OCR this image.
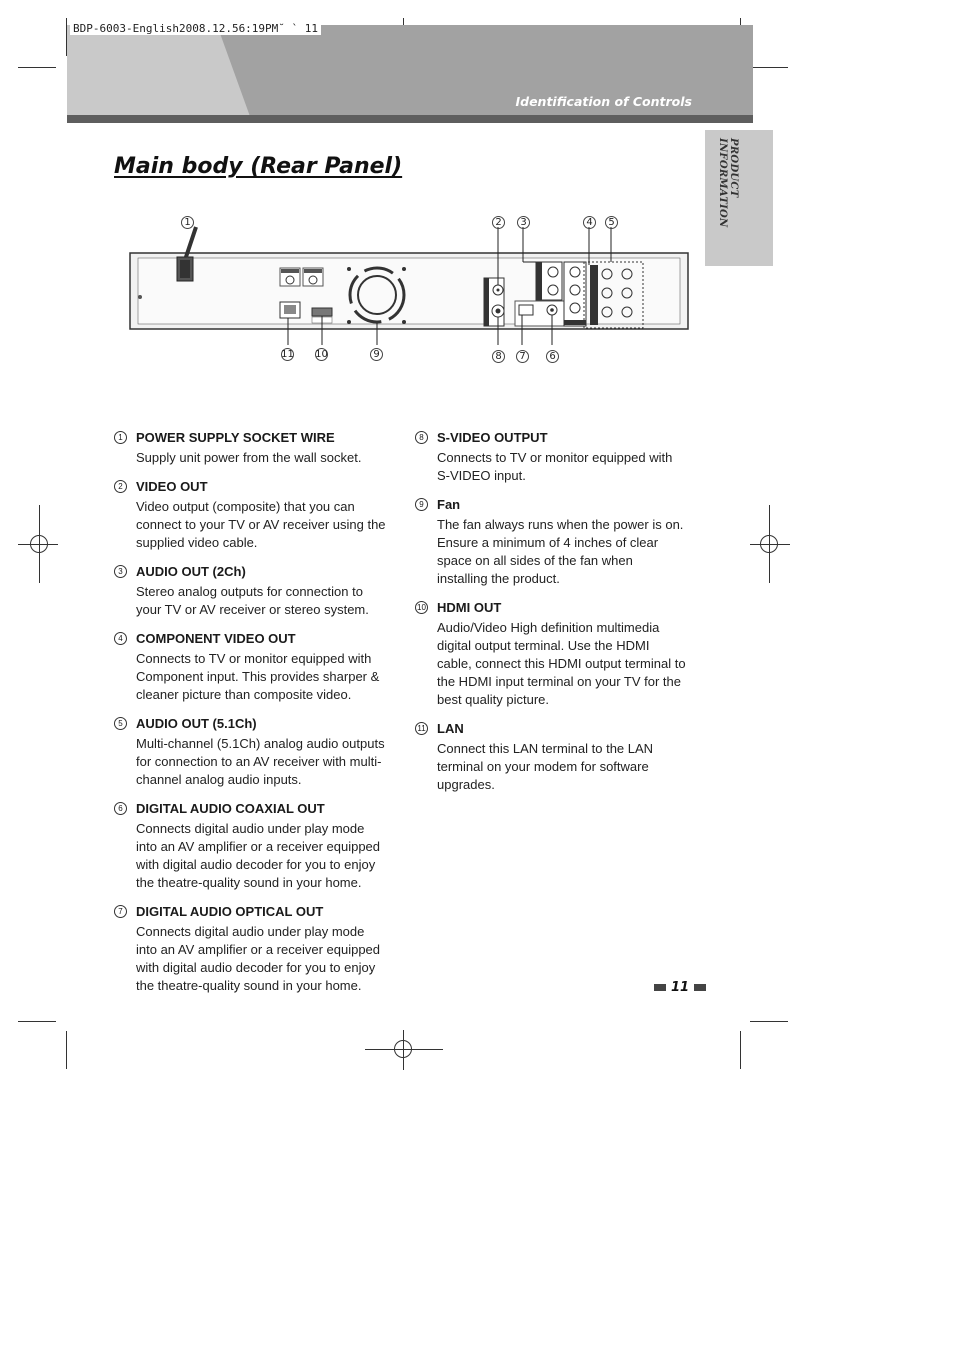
BDP-6003-English2008.12.56:19PM˘ ` 11
Identification of Controls
PRODUCT INFORMATION
Main body (Rear Panel)
1	2	3	4	5
6
7
8
9
10
11
1	POWER SUPPLY SOCKET WIRE
Supply unit power from the wall socket.
2	VIDEO OUT
Video output (composite) that you can connect to your TV or AV receiver using the supplied video cable.
3	AUDIO OUT (2Ch)
Stereo analog outputs for connection to your TV or AV receiver or stereo system.
4	COMPONENT VIDEO OUT
Connects to TV or monitor equipped with Component input. This provides sharper & cleaner picture than composite video.
5	AUDIO OUT (5.1Ch)
Multi-channel (5.1Ch) analog audio outputs for connection to an AV receiver with multi-channel analog audio inputs.
6	DIGITAL AUDIO COAXIAL OUT
Connects digital audio under play mode into an AV amplifier or a receiver equipped with digital audio decoder for you to enjoy the theatre-quality sound in your home.
7	DIGITAL AUDIO OPTICAL OUT
Connects digital audio under play mode into an AV amplifier or a receiver equipped with digital audio decoder for you to enjoy the theatre-quality sound in your home.
8	S-VIDEO OUTPUT
Connects to TV or monitor equipped with S-VIDEO input.
9	Fan
The fan always runs when the power is on. Ensure a minimum of 4 inches of clear space on all sides of the fan when installing the product.
10 HDMI OUT
Audio/Video High definition multimedia digital output terminal. Use the HDMI cable, connect this HDMI output terminal to the HDMI input terminal on your TV for the best quality picture.
11 LAN
Connect this LAN terminal to the LAN terminal on your modem for software upgrades.
11
